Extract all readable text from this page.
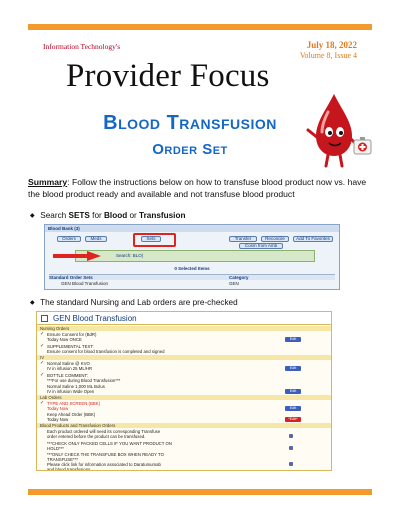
Information Technology's	July 18, 2022
Volume 8, Issue 4
Provider Focus
Blood Transfusion
Order Set

Summary: Follow the instructions below on how to transfuse blood product now vs. have the blood product ready and available and not transfuse blood product

◆ Search SETS for Blood or Transfusion
Blood Bank (3)
Orders	Meds	Sets	Transfer	Reconcile	Add To Favorites
Cosm from Amb
Search: BLO|
0 Selected Items
Standard Order Sets	Category
GEN Blood Transfusion	GEN
◆ The standard Nursing and Lab orders are pre-checked
GEN Blood Transfusion
Nursing Orders
✓ Ensure Consent for (BdR)
Today Now ONCE	Edit
✓ SUPPLEMENTAL TEXT:
Ensure consent for blood transfusion is completed and signed
IV
✓ Normal Saline @ KVO
IV in infusion 25 ML/HR	Edit
✓ BOTTLE COMMENT:
***For use during Blood Transfusion***
Normal Saline 1,000 ML Bolus
IV in infusion Wide Open	Edit
Lab Orders
✓ TYPE AND SCREEN (BBK)
Today Now	Edit
Keep Ahead Order (BBK)
Today Now	*Edit*
Blood Products and Transfusion Orders
Each product ordered will need its corresponding Transfuse
order entered before the product can be transfused.
***CHECK ONLY PACKED CELLS IF YOU WANT PRODUCT ON
HOLD***
***ONLY CHECK THE TRANSFUSE BOX WHEN READY TO
TRANSFUSE***
Please click link for information associated to Daratumumab
and blood transfusions
